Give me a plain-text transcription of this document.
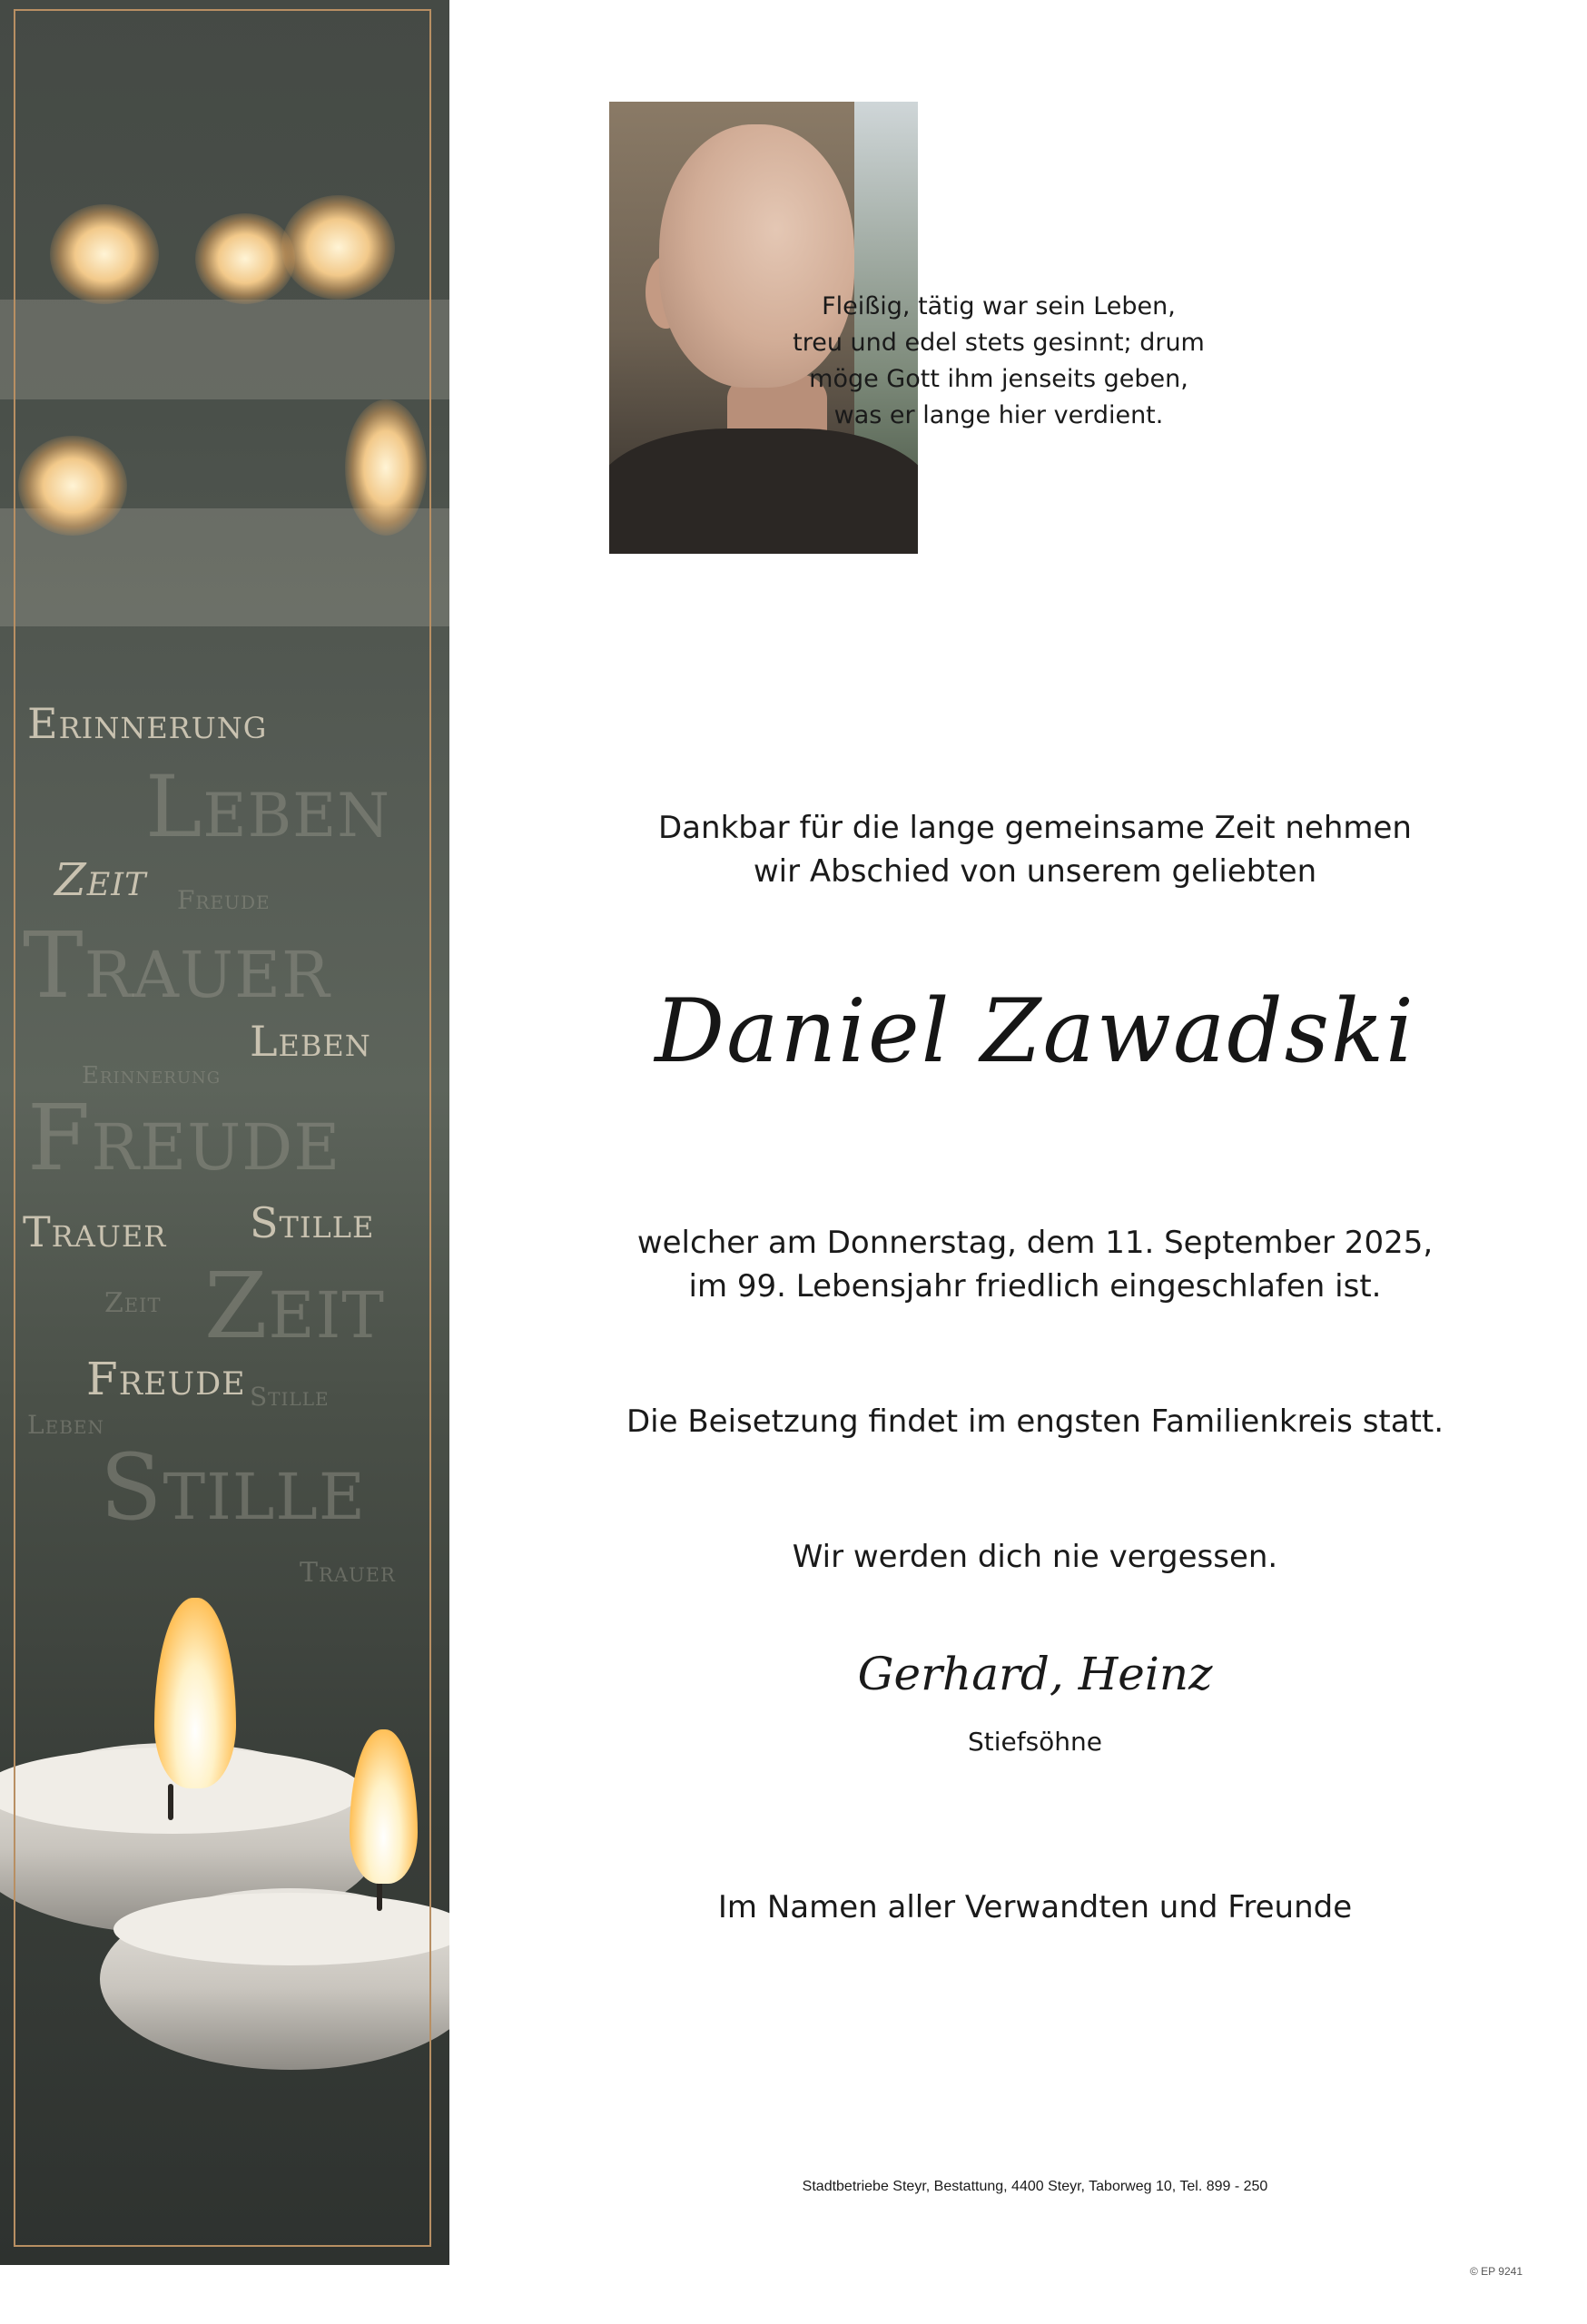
Erinnerung
Leben
Zeit Freude
Trauer
Leben
Erinnerung
Freude
Trauer Stille
Zeit Zeit
Freude Stille
Leben
Stille
Trauer
Fleißig, tätig war sein Leben,
treu und edel stets gesinnt; drum
möge Gott ihm jenseits geben,
was er lange hier verdient.
Dankbar für die lange gemeinsame Zeit nehmen
wir Abschied von unserem geliebten
Daniel Zawadski
welcher am Donnerstag, dem 11. September 2025,
im 99. Lebensjahr friedlich eingeschlafen ist.
Die Beisetzung findet im engsten Familienkreis statt.
Wir werden dich nie vergessen.
Gerhard, Heinz
Stiefsöhne
Im Namen aller Verwandten und Freunde
Stadtbetriebe Steyr, Bestattung, 4400 Steyr, Taborweg 10, Tel. 899 - 250
© EP 9241
